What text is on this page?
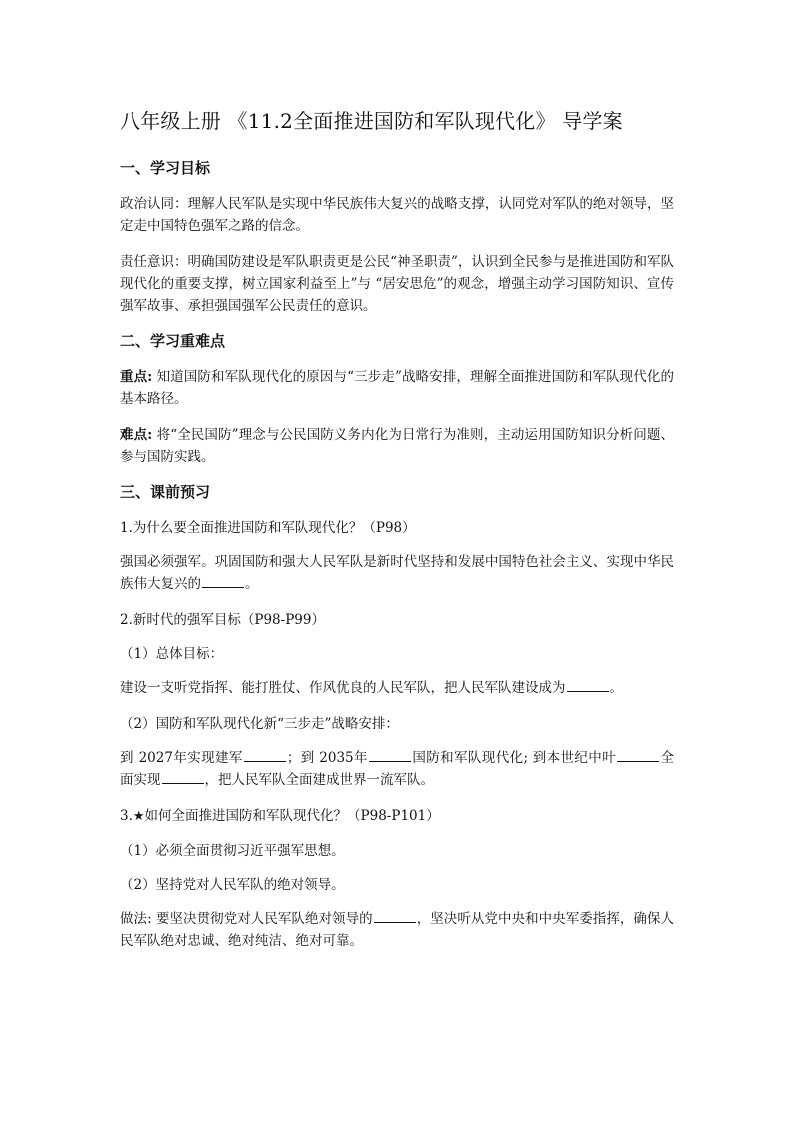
八年级上册 《11.2全面推进国防和军队现代化》 导学案
一、学习目标

政治认同：理解人民军队是实现中华民族伟大复兴的战略支撑，认同党对军队的绝对领导，坚定走中国特色强军之路的信念。

责任意识：明确国防建设是军队职责更是公民“神圣职责”，认识到全民参与是推进国防和军队现代化的重要支撑，树立国家利益至上”与 “居安思危”的观念，增强主动学习国防知识、宣传强军故事、承担强国强军公民责任的意识。

二、学习重难点

重点: 知道国防和军队现代化的原因与“三步走”战略安排，理解全面推进国防和军队现代化的基本路径。

难点: 将“全民国防”理念与公民国防义务内化为日常行为准则，主动运用国防知识分析问题、参与国防实践。

三、课前预习

1.为什么要全面推进国防和军队现代化？（P98）

强国必须强军。巩固国防和强大人民军队是新时代坚持和发展中国特色社会主义、实现中华民族伟大复兴的	。

2.新时代的强军目标（P98-P99）

（1）总体目标：

建设一支听党指挥、能打胜仗、作风优良的人民军队，把人民军队建设成为	。

（2）国防和军队现代化新“三步走”战略安排：

到 2027年实现建军	；到 2035年	国防和军队现代化; 到本世纪中叶	全面实现	，把人民军队全面建成世界一流军队。

3.★如何全面推进国防和军队现代化？（P98-P101）

（1）必须全面贯彻习近平强军思想。

（2）坚持党对人民军队的绝对领导。

做法: 要坚决贯彻党对人民军队绝对领导的	，坚决听从党中央和中央军委指挥，确保人民军队绝对忠诚、绝对纯洁、绝对可靠。
